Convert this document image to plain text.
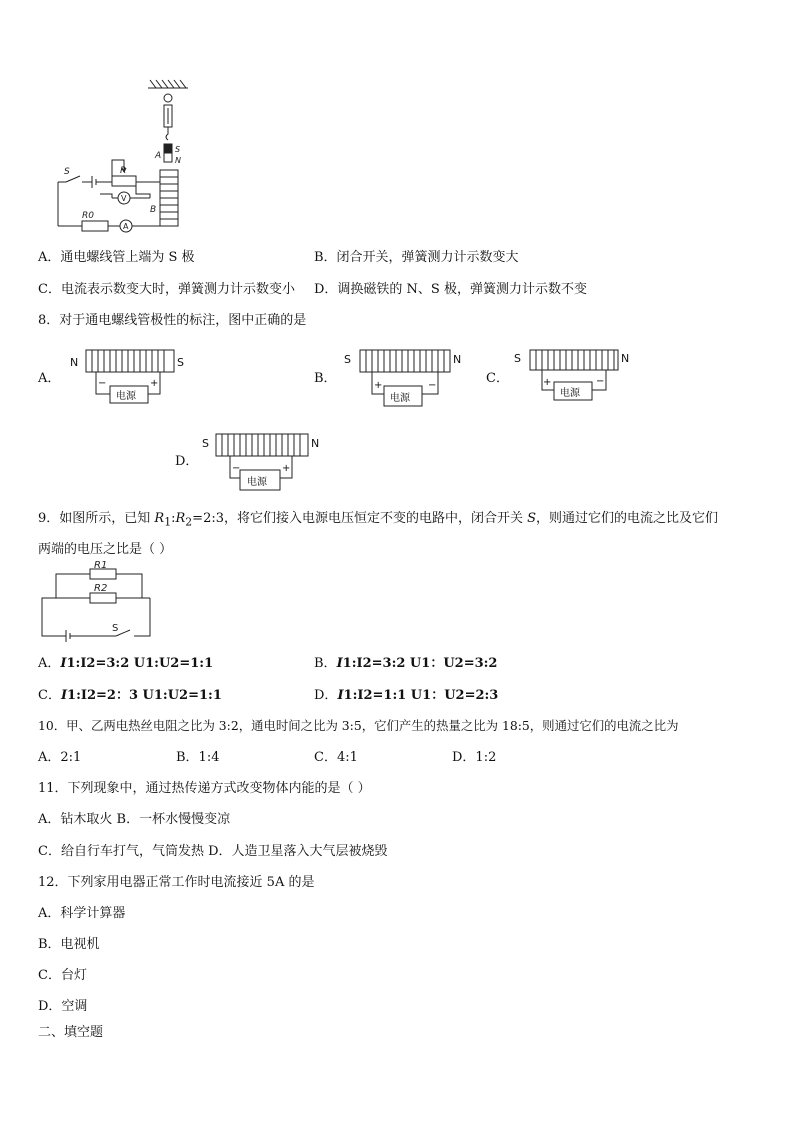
S	R
V
A
R0
A
B
S
N
A．通电螺线管上端为 S 极	B．闭合开关，弹簧测力计示数变大
C．电流表示数变大时，弹簧测力计示数变小 D．调换磁铁的 N、S 极，弹簧测力计示数不变
8．对于通电螺线管极性的标注，图中正确的是
A．	B．	C．
D．
N	S
−	+
电源
S	N
+	−
电源
S	N
+	−
电源
S	N
−	+
电源
9．如图所示，已知 $R_1:R_2=2:3$，将它们接入电源电压恒定不变的电路中，闭合开关 S，则通过它们的电流之比及它们
两端的电压之比是（ ）
R1
R2
S
A．I1:I2=3:2 U1:U2=1:1	B．I1:I2=3:2 U1：U2=3:2
C．I1:I2=2：3 U1:U2=1:1	D．I1:I2=1:1 U1：U2=2:3
10．甲、乙两电热丝电阻之比为 3:2，通电时间之比为 3:5，它们产生的热量之比为 18:5，则通过它们的电流之比为
A．2:1	B．1:4	C．4:1	D．1:2
11．下列现象中，通过热传递方式改变物体内能的是（ ）
A．钻木取火 B．一杯水慢慢变凉
C．给自行车打气，气筒发热 D．人造卫星落入大气层被烧毁
12．下列家用电器正常工作时电流接近 5A 的是
A．科学计算器
B．电视机
C．台灯
D．空调
二、填空题
